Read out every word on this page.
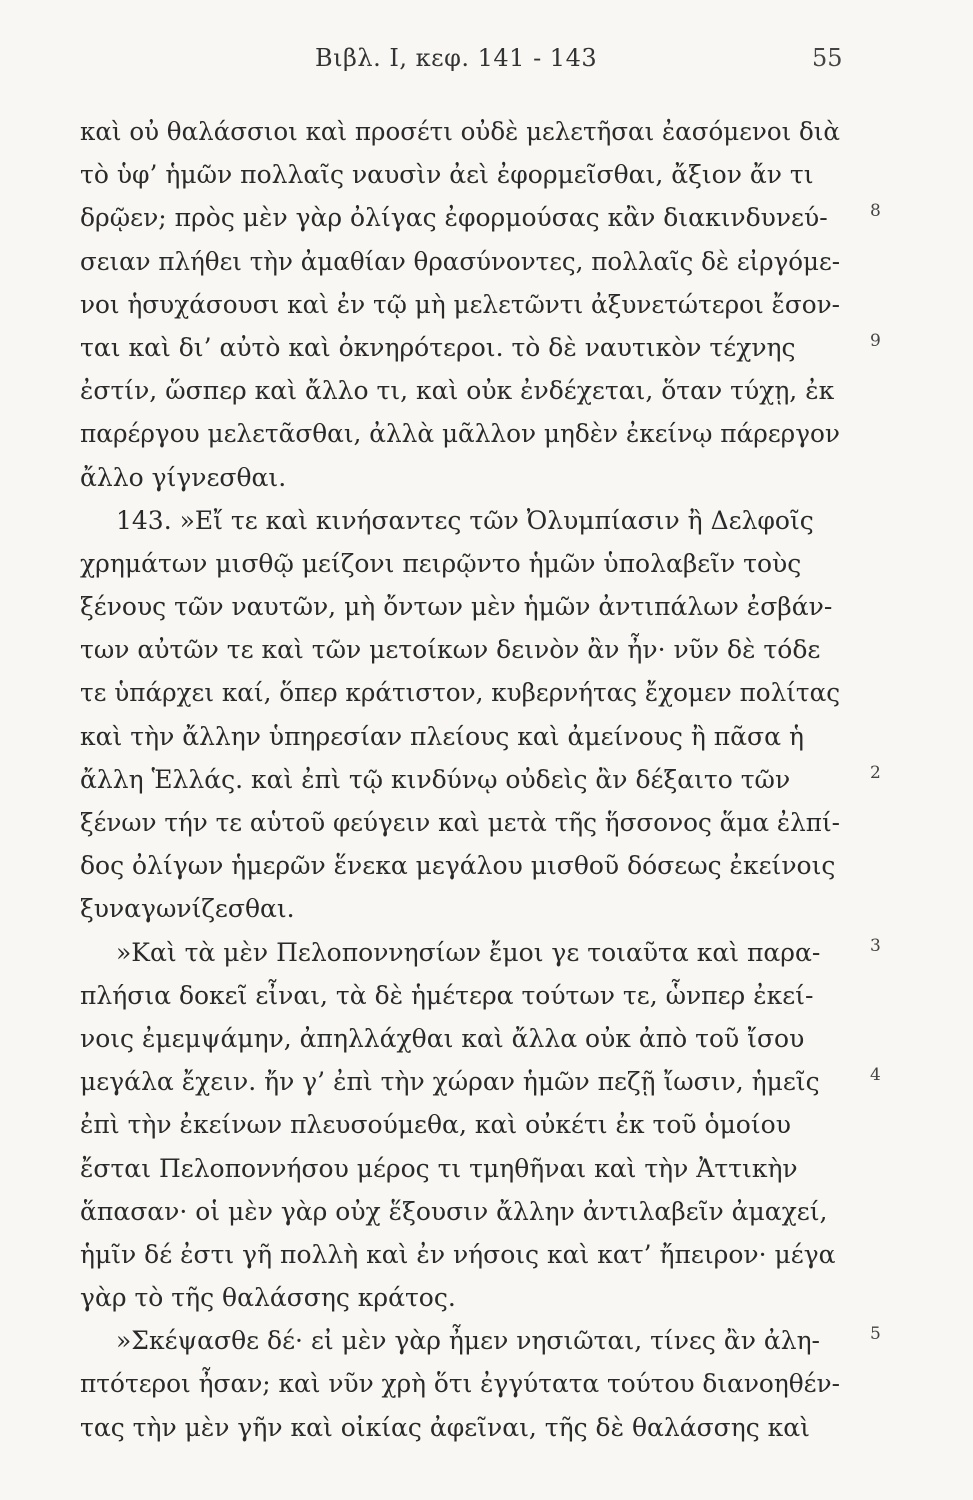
Βιβλ. Ι, κεφ. 141 - 143	55
καὶ οὐ θαλάσσιοι καὶ προσέτι οὐδὲ μελετῆσαι ἐασόμενοι διὰ
τὸ ὑφ’ ἡμῶν πολλαῖς ναυσὶν ἀεὶ ἐφορμεῖσθαι, ἄξιον ἄν τι
δρῷεν; πρὸς μὲν γὰρ ὀλίγας ἐφορμούσας κἂν διακινδυνεύ- 8
σειαν πλήθει τὴν ἀμαθίαν θρασύνοντες, πολλαῖς δὲ εἰργόμε-
νοι ἡσυχάσουσι καὶ ἐν τῷ μὴ μελετῶντι ἀξυνετώτεροι ἔσον-
ται καὶ δι’ αὐτὸ καὶ ὀκνηρότεροι. τὸ δὲ ναυτικὸν τέχνης	9
ἐστίν, ὥσπερ καὶ ἄλλο τι, καὶ οὐκ ἐνδέχεται, ὅταν τύχῃ, ἐκ
παρέργου μελετᾶσθαι, ἀλλὰ μᾶλλον μηδὲν ἐκείνῳ πάρεργον
ἄλλο γίγνεσθαι.
143. »Εἴ τε καὶ κινήσαντες τῶν Ὀλυμπίασιν ἢ Δελφοῖς
χρημάτων μισθῷ μείζονι πειρῷντο ἡμῶν ὑπολαβεῖν τοὺς
ξένους τῶν ναυτῶν, μὴ ὄντων μὲν ἡμῶν ἀντιπάλων ἐσβάν-
των αὐτῶν τε καὶ τῶν μετοίκων δεινὸν ἂν ἦν· νῦν δὲ τόδε
τε ὑπάρχει καί, ὅπερ κράτιστον, κυβερνήτας ἔχομεν πολίτας
καὶ τὴν ἄλλην ὑπηρεσίαν πλείους καὶ ἀμείνους ἢ πᾶσα ἡ
ἄλλη Ἑλλάς. καὶ ἐπὶ τῷ κινδύνῳ οὐδεὶς ἂν δέξαιτο τῶν	2
ξένων τήν τε αὑτοῦ φεύγειν καὶ μετὰ τῆς ἥσσονος ἅμα ἐλπί-
δος ὀλίγων ἡμερῶν ἕνεκα μεγάλου μισθοῦ δόσεως ἐκείνοις
ξυναγωνίζεσθαι.
»Καὶ τὰ μὲν Πελοποννησίων ἔμοι γε τοιαῦτα καὶ παρα-	3
πλήσια δοκεῖ εἶναι, τὰ δὲ ἡμέτερα τούτων τε, ὧνπερ ἐκεί-
νοις ἐμεμψάμην, ἀπηλλάχθαι καὶ ἄλλα οὐκ ἀπὸ τοῦ ἴσου
μεγάλα ἔχειν. ἤν γ’ ἐπὶ τὴν χώραν ἡμῶν πεζῇ ἴωσιν, ἡμεῖς	4
ἐπὶ τὴν ἐκείνων πλευσούμεθα, καὶ οὐκέτι ἐκ τοῦ ὁμοίου
ἔσται Πελοποννήσου μέρος τι τμηθῆναι καὶ τὴν Ἀττικὴν
ἅπασαν· οἱ μὲν γὰρ οὐχ ἕξουσιν ἄλλην ἀντιλαβεῖν ἀμαχεί,
ἡμῖν δέ ἐστι γῆ πολλὴ καὶ ἐν νήσοις καὶ κατ’ ἤπειρον· μέγα
γὰρ τὸ τῆς θαλάσσης κράτος.
»Σκέψασθε δέ· εἰ μὲν γὰρ ἦμεν νησιῶται, τίνες ἂν ἀλη-	5
πτότεροι ἦσαν; καὶ νῦν χρὴ ὅτι ἐγγύτατα τούτου διανοηθέν-
τας τὴν μὲν γῆν καὶ οἰκίας ἀφεῖναι, τῆς δὲ θαλάσσης καὶ
